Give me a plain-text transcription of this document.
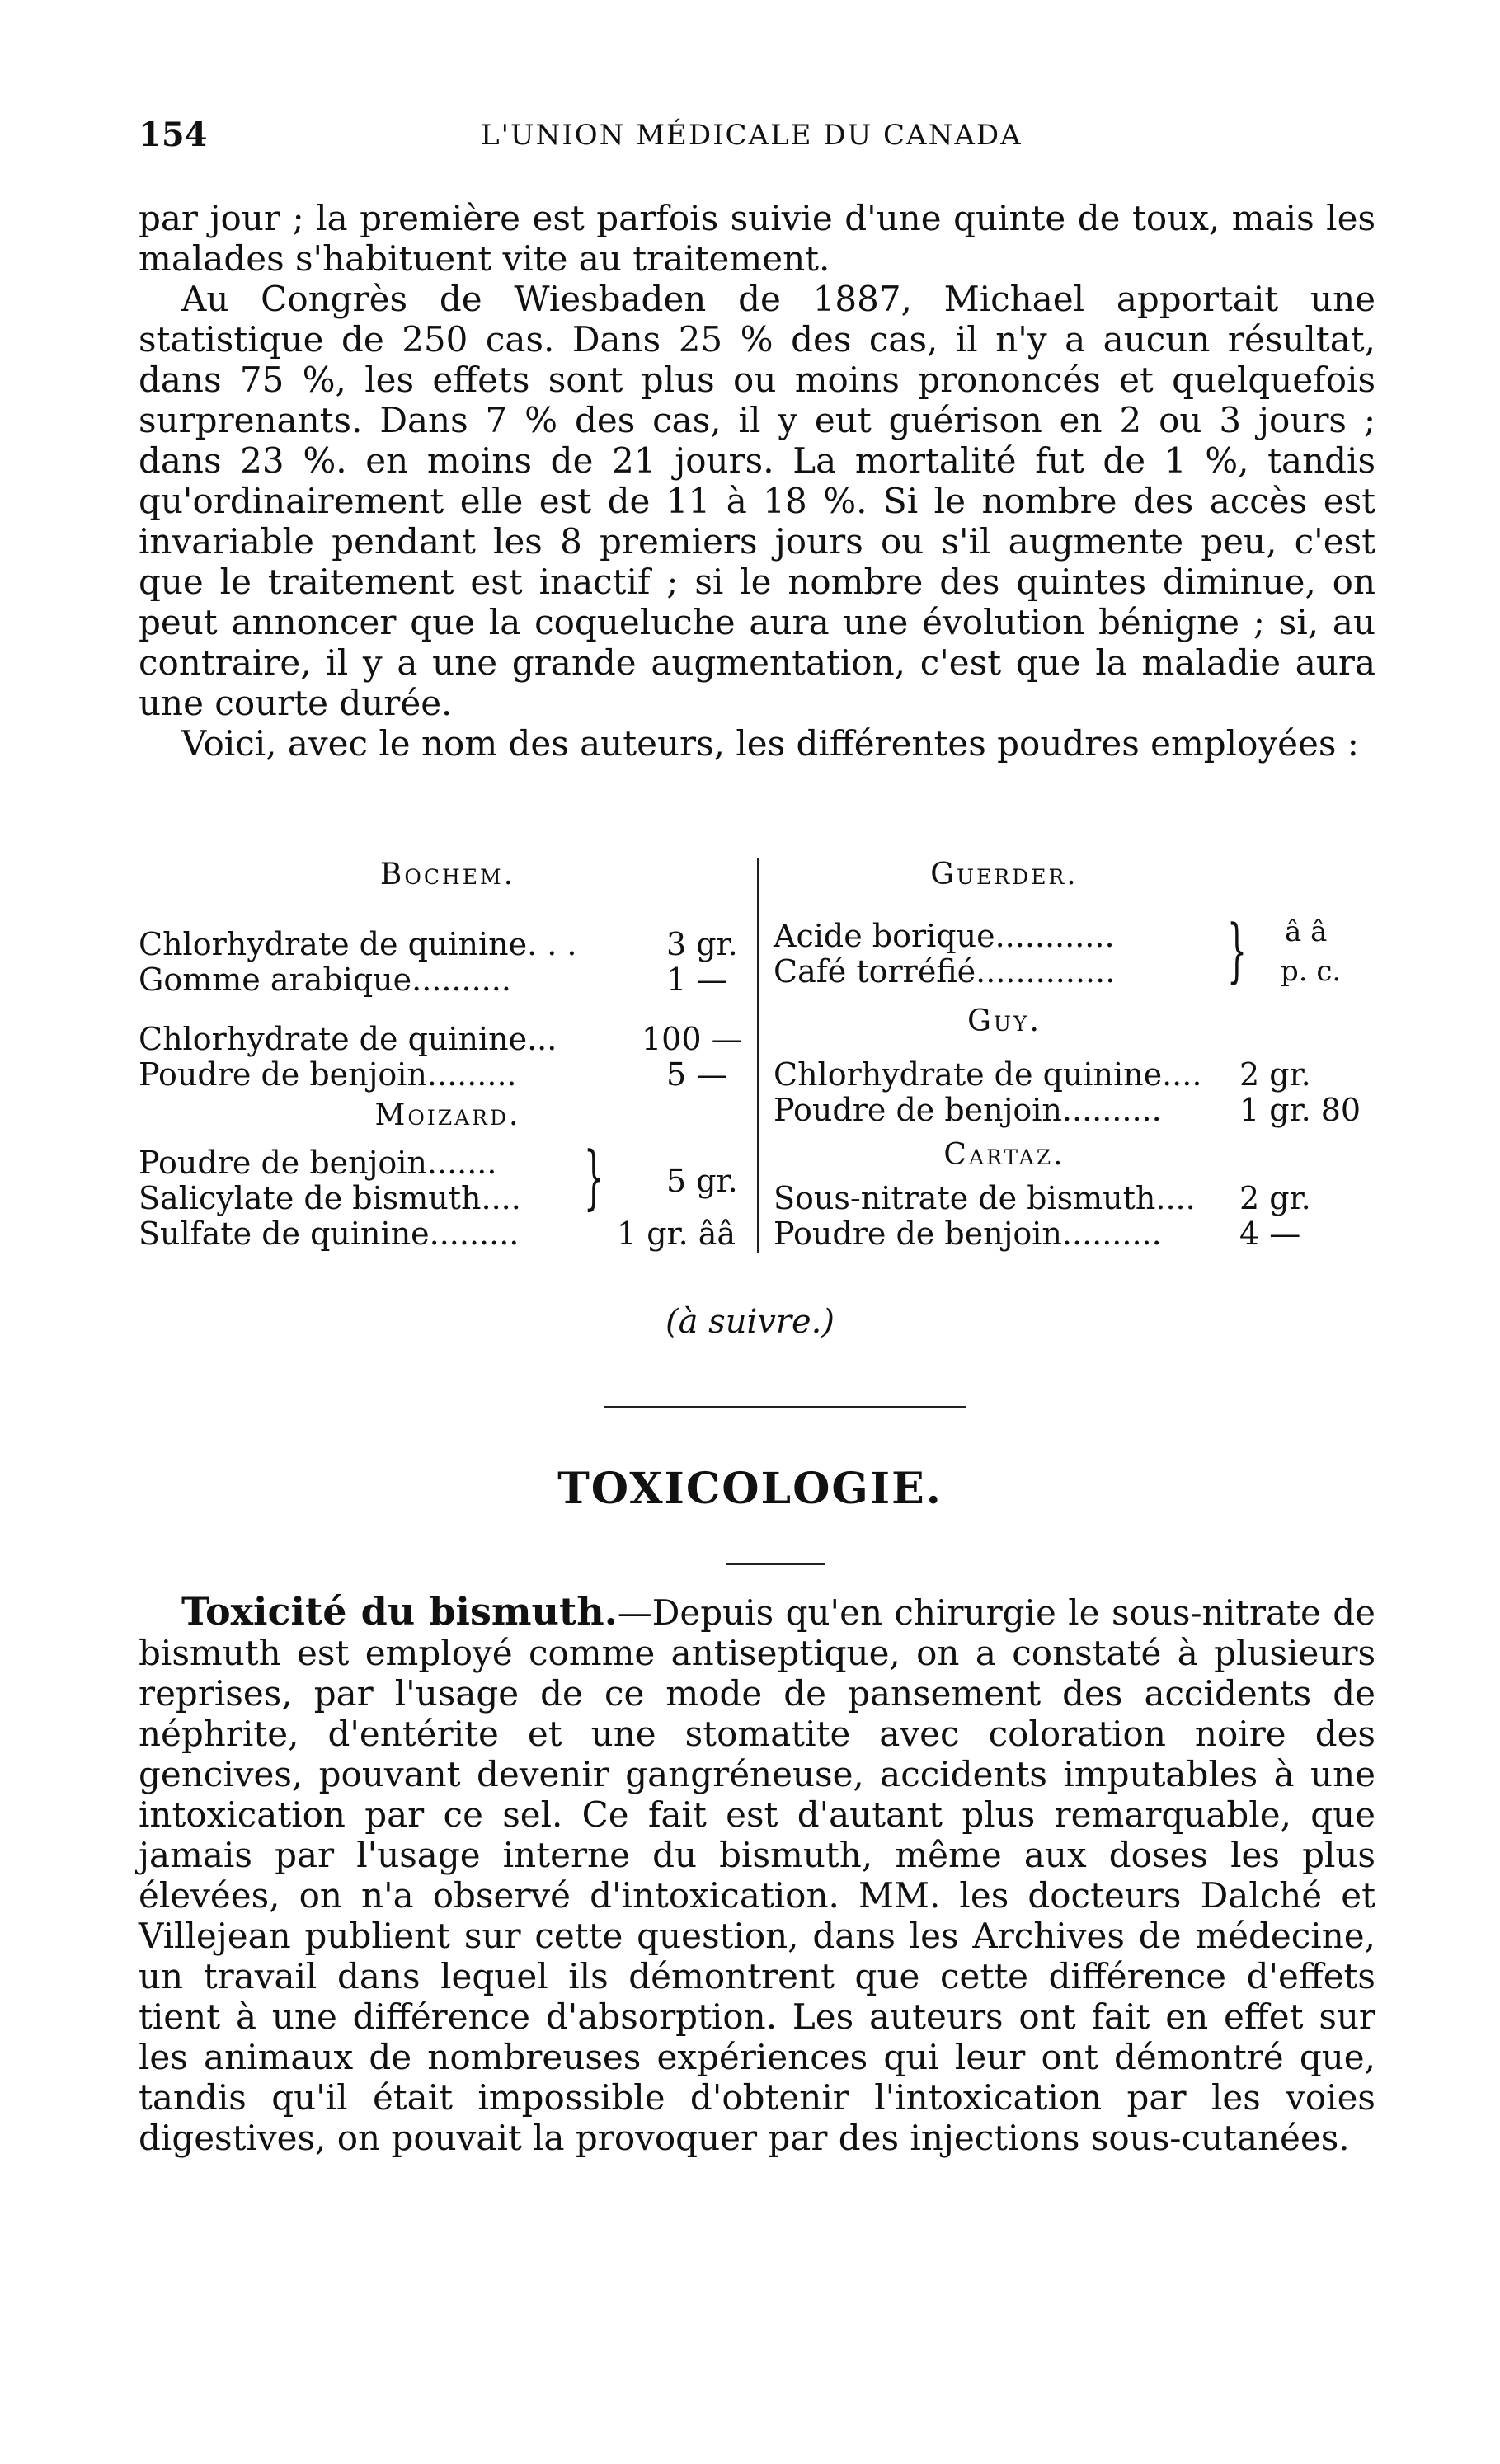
154	L'UNION MÉDICALE DU CANADA

par jour ; la première est parfois suivie d'une quinte de toux, mais les malades s'habituent vite au traitement.

Au Congrès de Wiesbaden de 1887, Michael apportait une statistique de 250 cas. Dans 25 % des cas, il n'y a aucun résultat, dans 75 %, les effets sont plus ou moins prononcés et quelquefois surprenants. Dans 7 % des cas, il y eut guérison en 2 ou 3 jours ; dans 23 %. en moins de 21 jours. La mortalité fut de 1 %, tandis qu'ordinairement elle est de 11 à 18 %. Si le nombre des accès est invariable pendant les 8 premiers jours ou s'il augmente peu, c'est que le traitement est inactif ; si le nombre des quintes diminue, on peut annoncer que la coqueluche aura une évolution bénigne ; si, au contraire, il y a une grande augmentation, c'est que la maladie aura une courte durée.

Voici, avec le nom des auteurs, les différentes poudres employées :

Bochem.
Chlorhydrate de quinine. . .	3 gr.
Gomme arabique..........	1 —
Chlorhydrate de quinine...	100 —
Poudre de benjoin.........	5 —
Moizard.
Poudre de benjoin.......
Salicylate de bismuth.... } 5 gr.
Sulfate de quinine.........	1 gr. ââ
Guerder.
Acide borique............
Café torréfié.............. } â â
p. c.
Guy.
Chlorhydrate de quinine.... 2 gr.
Poudre de benjoin.......... 1 gr. 80
Cartaz.
Sous-nitrate de bismuth.... 2 gr.
Poudre de benjoin.......... 4 —
(à suivre.)
TOXICOLOGIE.

Toxicité du bismuth.—Depuis qu'en chirurgie le sous-nitrate de bismuth est employé comme antiseptique, on a constaté à plusieurs reprises, par l'usage de ce mode de pansement des accidents de néphrite, d'entérite et une stomatite avec coloration noire des gencives, pouvant devenir gangréneuse, accidents imputables à une intoxication par ce sel. Ce fait est d'autant plus remarquable, que jamais par l'usage interne du bismuth, même aux doses les plus élevées, on n'a observé d'intoxication. MM. les docteurs Dalché et Villejean publient sur cette question, dans les Archives de médecine, un travail dans lequel ils démontrent que cette différence d'effets tient à une différence d'absorption. Les auteurs ont fait en effet sur les animaux de nombreuses expériences qui leur ont démontré que, tandis qu'il était impossible d'obtenir l'intoxication par les voies digestives, on pouvait la provoquer par des injections sous-cutanées.
